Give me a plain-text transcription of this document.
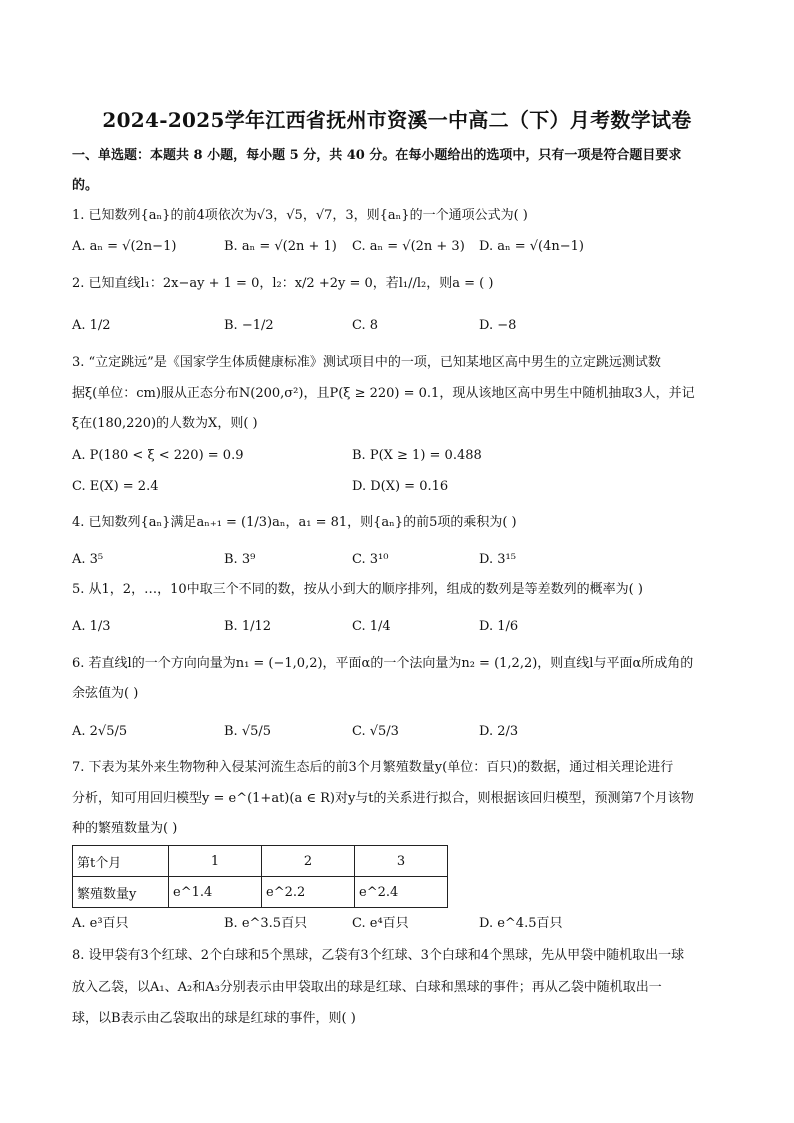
2024-2025学年江西省抚州市资溪一中高二（下）月考数学试卷
一、单选题：本题共 8 小题，每小题 5 分，共 40 分。在每小题给出的选项中，只有一项是符合题目要求
的。
1. 已知数列{aₙ}的前4项依次为√3，√5，√7，3，则{aₙ}的一个通项公式为( )
A. aₙ = √(2n−1)	B. aₙ = √(2n + 1) C. aₙ = √(2n + 3) D. aₙ = √(4n−1)
2. 已知直线l₁：2x−ay + 1 = 0，l₂：x/2 +2y = 0，若l₁//l₂，则a = ( )
A. 1/2	B. −1/2	C. 8	D. −8
3. “立定跳远”是《国家学生体质健康标准》测试项目中的一项，已知某地区高中男生的立定跳远测试数
据ξ(单位：cm)服从正态分布N(200,σ²)，且P(ξ ≥ 220) = 0.1，现从该地区高中男生中随机抽取3人，并记
ξ在(180,220)的人数为X，则( )
A. P(180 < ξ < 220) = 0.9	B. P(X ≥ 1) = 0.488
C. E(X) = 2.4	D. D(X) = 0.16
4. 已知数列{aₙ}满足aₙ₊₁ = (1/3)aₙ，a₁ = 81，则{aₙ}的前5项的乘积为( )
A. 3⁵	B. 3⁹	C. 3¹⁰	D. 3¹⁵
5. 从1，2，…，10中取三个不同的数，按从小到大的顺序排列，组成的数列是等差数列的概率为( )
A. 1/3	B. 1/12	C. 1/4	D. 1/6
6. 若直线l的一个方向向量为n₁ = (−1,0,2)，平面α的一个法向量为n₂ = (1,2,2)，则直线l与平面α所成角的
余弦值为( )
A. 2√5/5	B. √5/5	C. √5/3	D. 2/3
7. 下表为某外来生物物种入侵某河流生态后的前3个月繁殖数量y(单位：百只)的数据，通过相关理论进行
分析，知可用回归模型y = e^(1+at)(a ∈ R)对y与t的关系进行拟合，则根据该回归模型，预测第7个月该物
种的繁殖数量为( )
第t个月	1	2	3
繁殖数量y	e^1.4	e^2.2	e^2.4
A. e³百只	B. e^3.5百只	C. e⁴百只	D. e^4.5百只
8. 设甲袋有3个红球、2个白球和5个黑球，乙袋有3个红球、3个白球和4个黑球，先从甲袋中随机取出一球
放入乙袋，以A₁、A₂和A₃分别表示由甲袋取出的球是红球、白球和黑球的事件；再从乙袋中随机取出一
球，以B表示由乙袋取出的球是红球的事件，则( )
